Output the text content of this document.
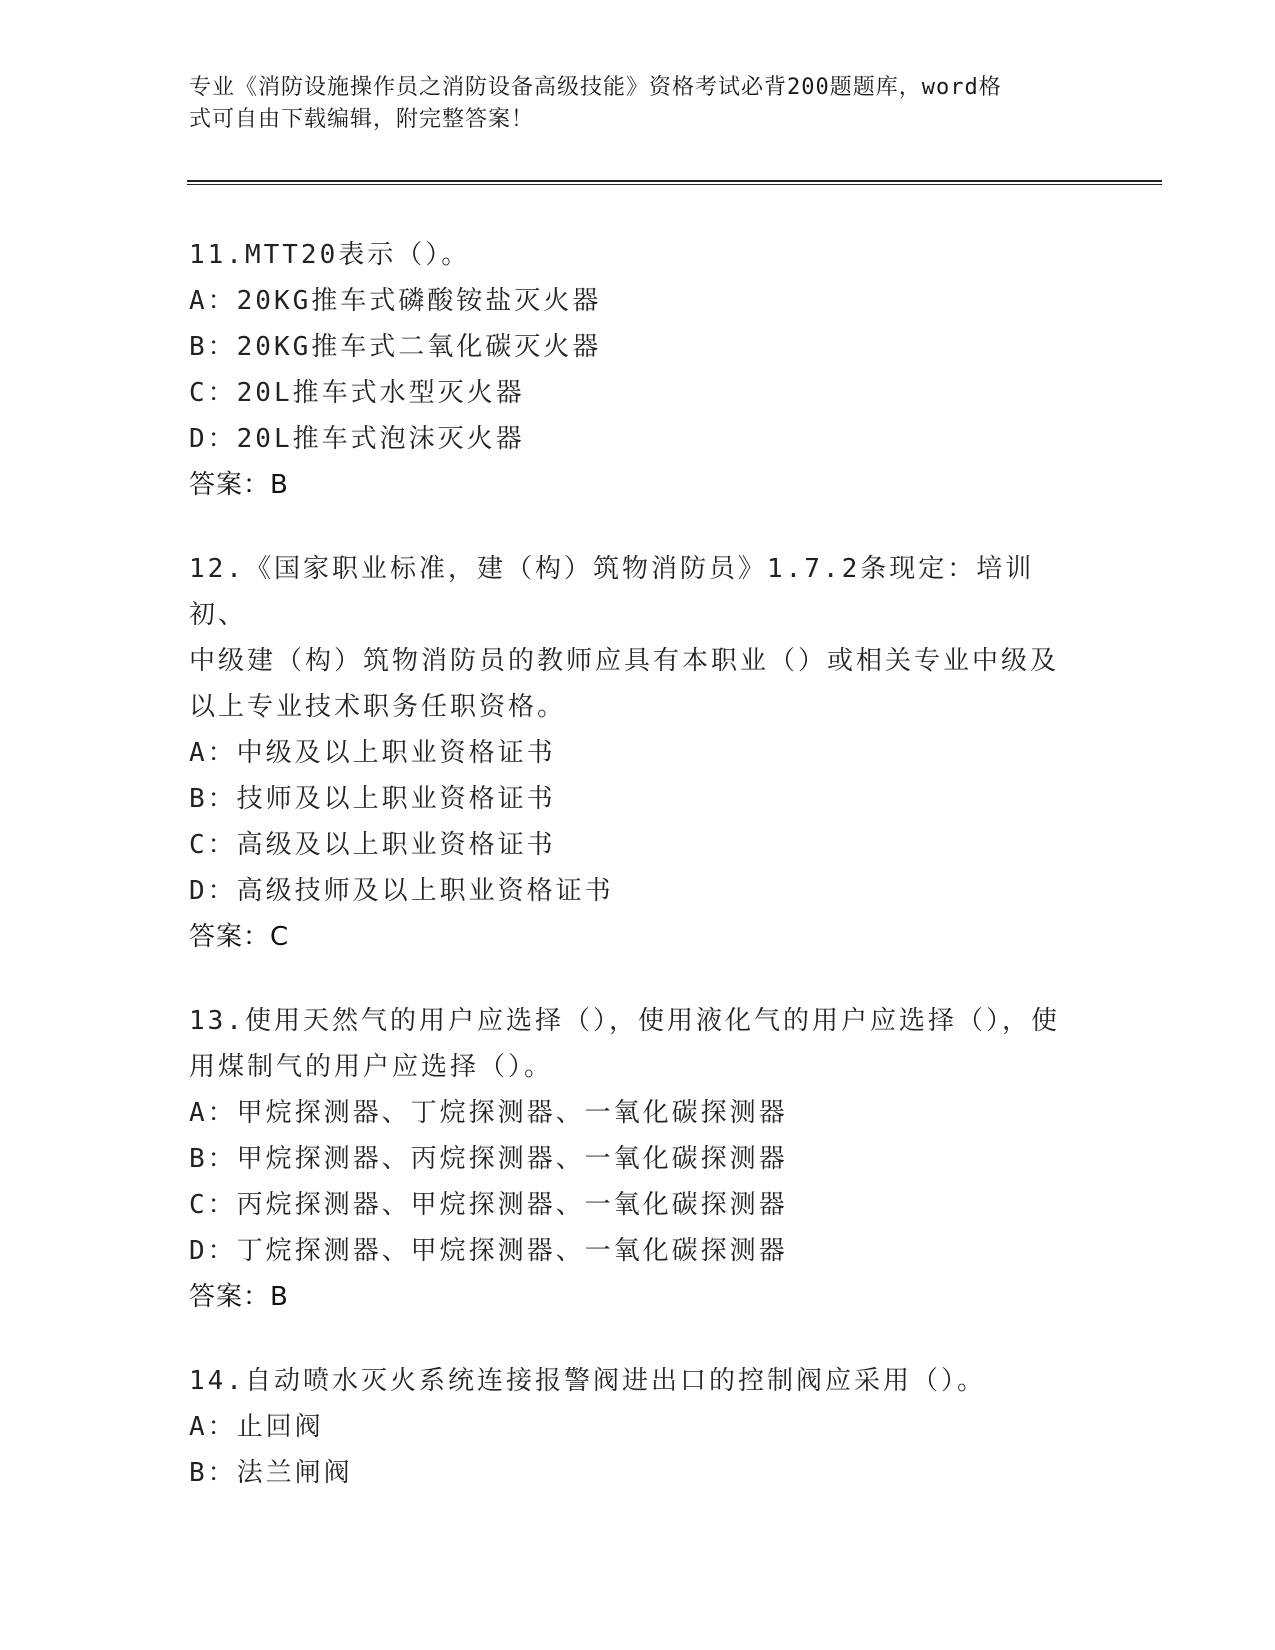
专业《消防设施操作员之消防设备高级技能》资格考试必背200题题库，word格
式可自由下载编辑，附完整答案！
11.MTT20表示（）。
A：20KG推车式磷酸铵盐灭火器
B：20KG推车式二氧化碳灭火器
C：20L推车式水型灭火器
D：20L推车式泡沫灭火器
答案：B
12.《国家职业标准，建（构）筑物消防员》1.7.2条现定：培训初、
中级建（构）筑物消防员的教师应具有本职业（）或相关专业中级及
以上专业技术职务任职资格。
A：中级及以上职业资格证书
B：技师及以上职业资格证书
C：高级及以上职业资格证书
D：高级技师及以上职业资格证书
答案：C
13.使用天然气的用户应选择（），使用液化气的用户应选择（），使
用煤制气的用户应选择（）。
A：甲烷探测器、丁烷探测器、一氧化碳探测器
B：甲烷探测器、丙烷探测器、一氧化碳探测器
C：丙烷探测器、甲烷探测器、一氧化碳探测器
D：丁烷探测器、甲烷探测器、一氧化碳探测器
答案：B
14.自动喷水灭火系统连接报警阀进出口的控制阀应采用（）。
A：止回阀
B：法兰闸阀
